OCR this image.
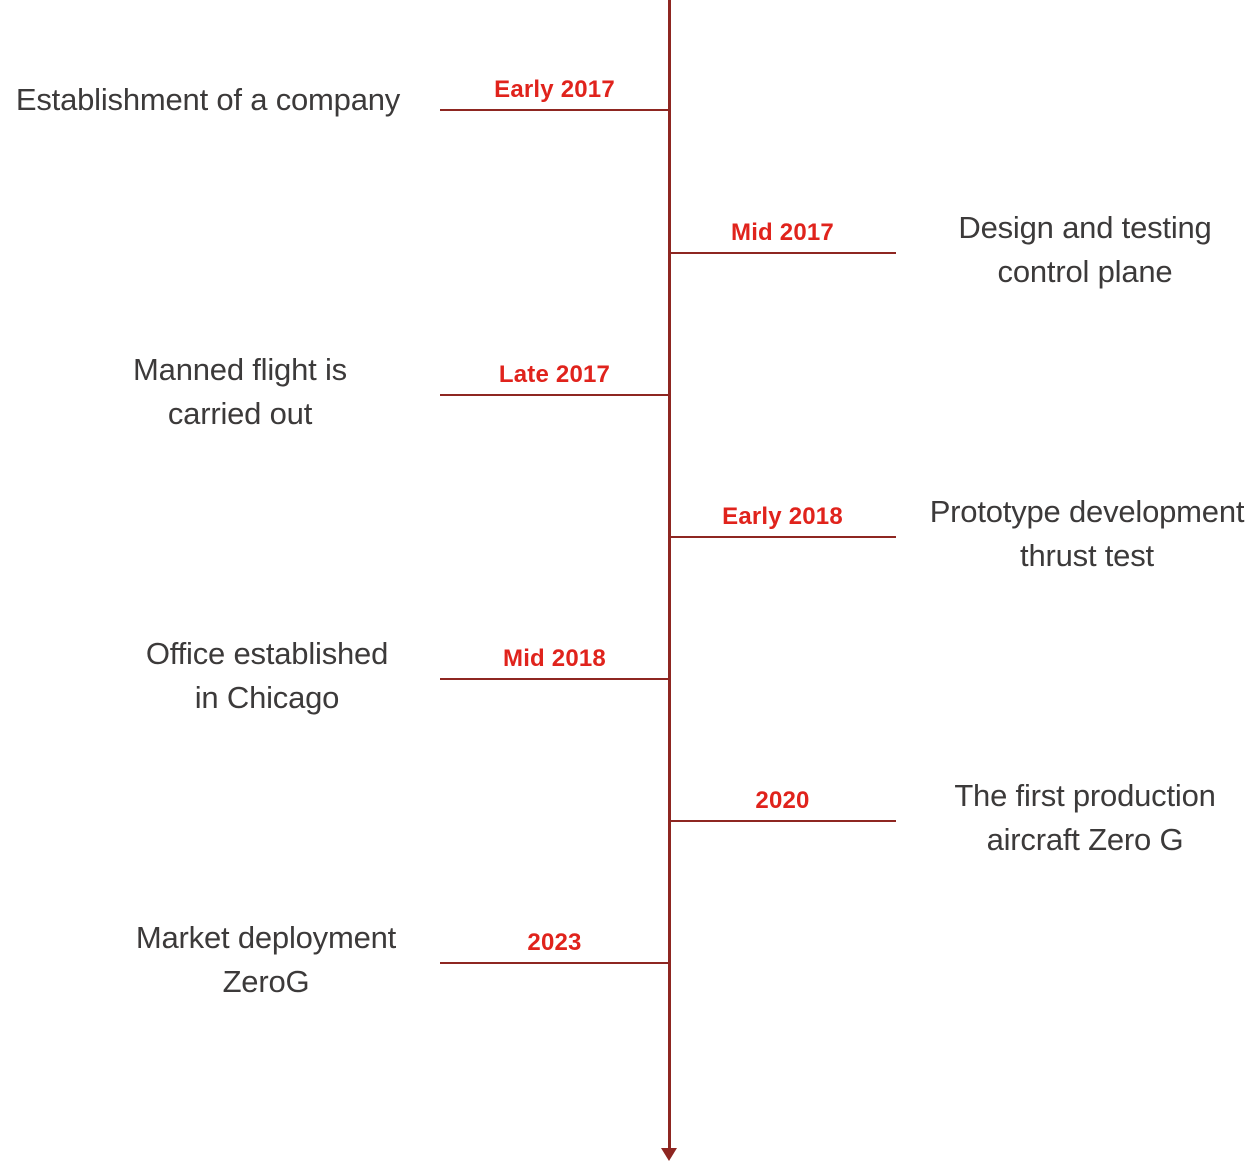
Early 2017
Establishment of a company
Mid 2017	Design and testing
control plane
Late 2017
Manned flight is
carried out
Early 2018	Prototype development
thrust test
Mid 2018
Office established
in Chicago
2020	The first production
aircraft Zero G
2023
Market deployment
ZeroG
